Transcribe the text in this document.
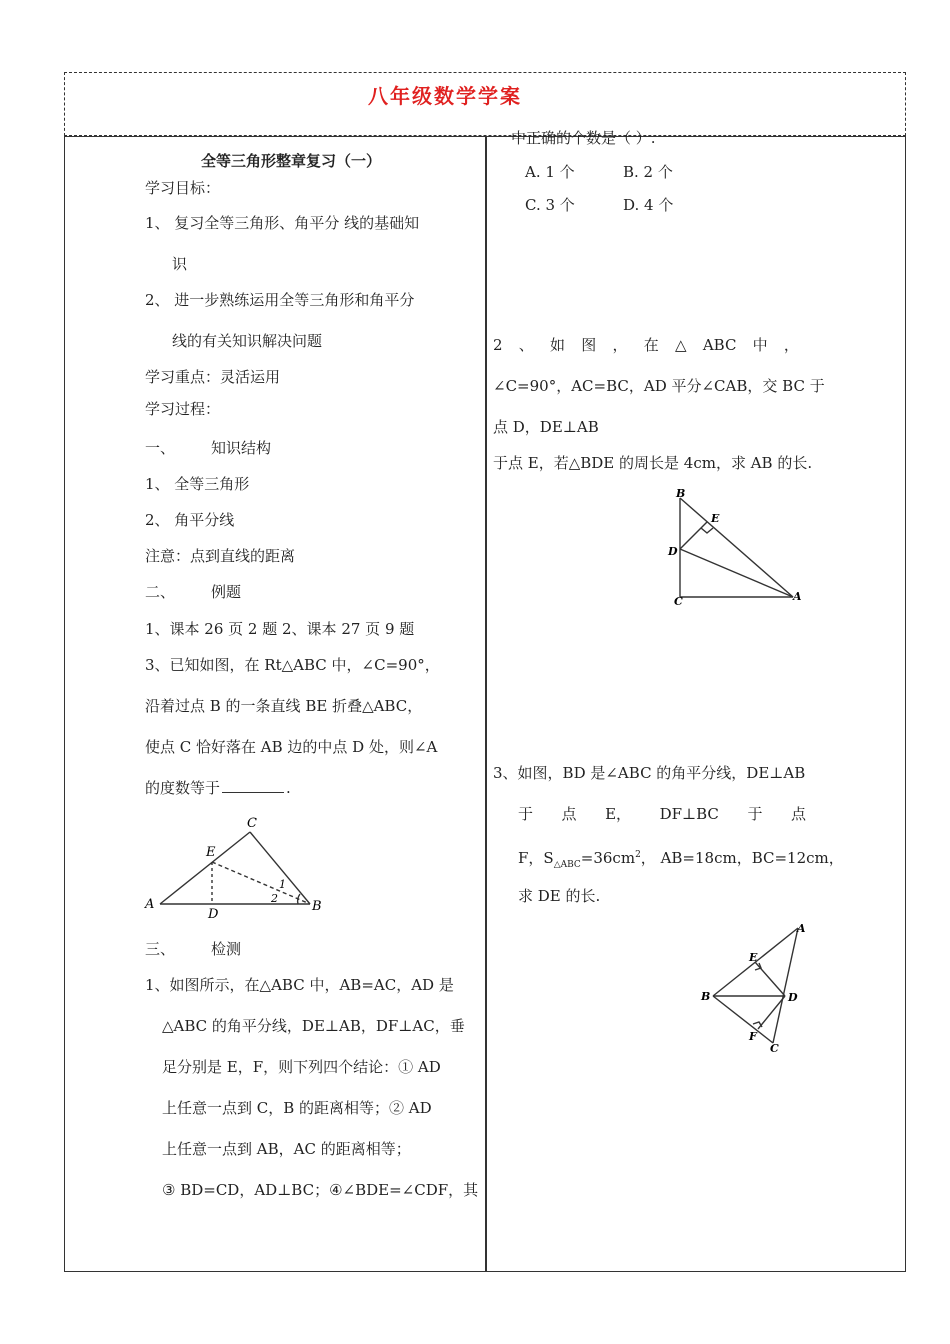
八年级数学学案
全等三角形整章复习（一）
学习目标：
1、 复习全等三角形、角平分 线的基础知
识
2、 进一步熟练运用全等三角形和角平分
线的有关知识解决问题
学习重点：灵活运用
学习过程：
一、 知识结构
1、 全等三角形
2、 角平分线
注意：点到直线的距离
二、 例题
1、课本 26 页 2 题 2、课本 27 页 9 题
3、已知如图，在 Rt△ABC 中，∠C=90°，
沿着过点 B 的一条直线 BE 折叠△ABC，
使点 C 恰好落在 AB 边的中点 D 处，则∠A
的度数等于	.
A	B
C
D
E
1
2
三、 检测
1、如图所示，在△ABC 中，AB=AC，AD 是
△ABC 的角平分线，DE⊥AB，DF⊥AC，垂
足分别是 E，F，则下列四个结论：① AD
上任意一点到 C，B 的距离相等；② AD
上任意一点到 AB，AC 的距离相等；
③ BD=CD，AD⊥BC；④∠BDE=∠CDF，其
中正确的个数是（ ）.
A. 1 个	B. 2 个
C. 3 个	D. 4 个
2 、 如 图 ， 在 △ ABC 中 ，
∠C=90°，AC=BC，AD 平分∠CAB，交 BC 于
点 D，DE⊥AB
于点 E，若△BDE 的周长是 4cm，求 AB 的长.
B
E
D
C	A
3、如图，BD 是∠ABC 的角平分线，DE⊥AB
于 点 E， DF⊥BC 于 点
F，$S_{\triangle ABC}=36cm^2$， AB=18cm，BC=12cm，
求 DE 的长.
A
E
B	D
F
C
